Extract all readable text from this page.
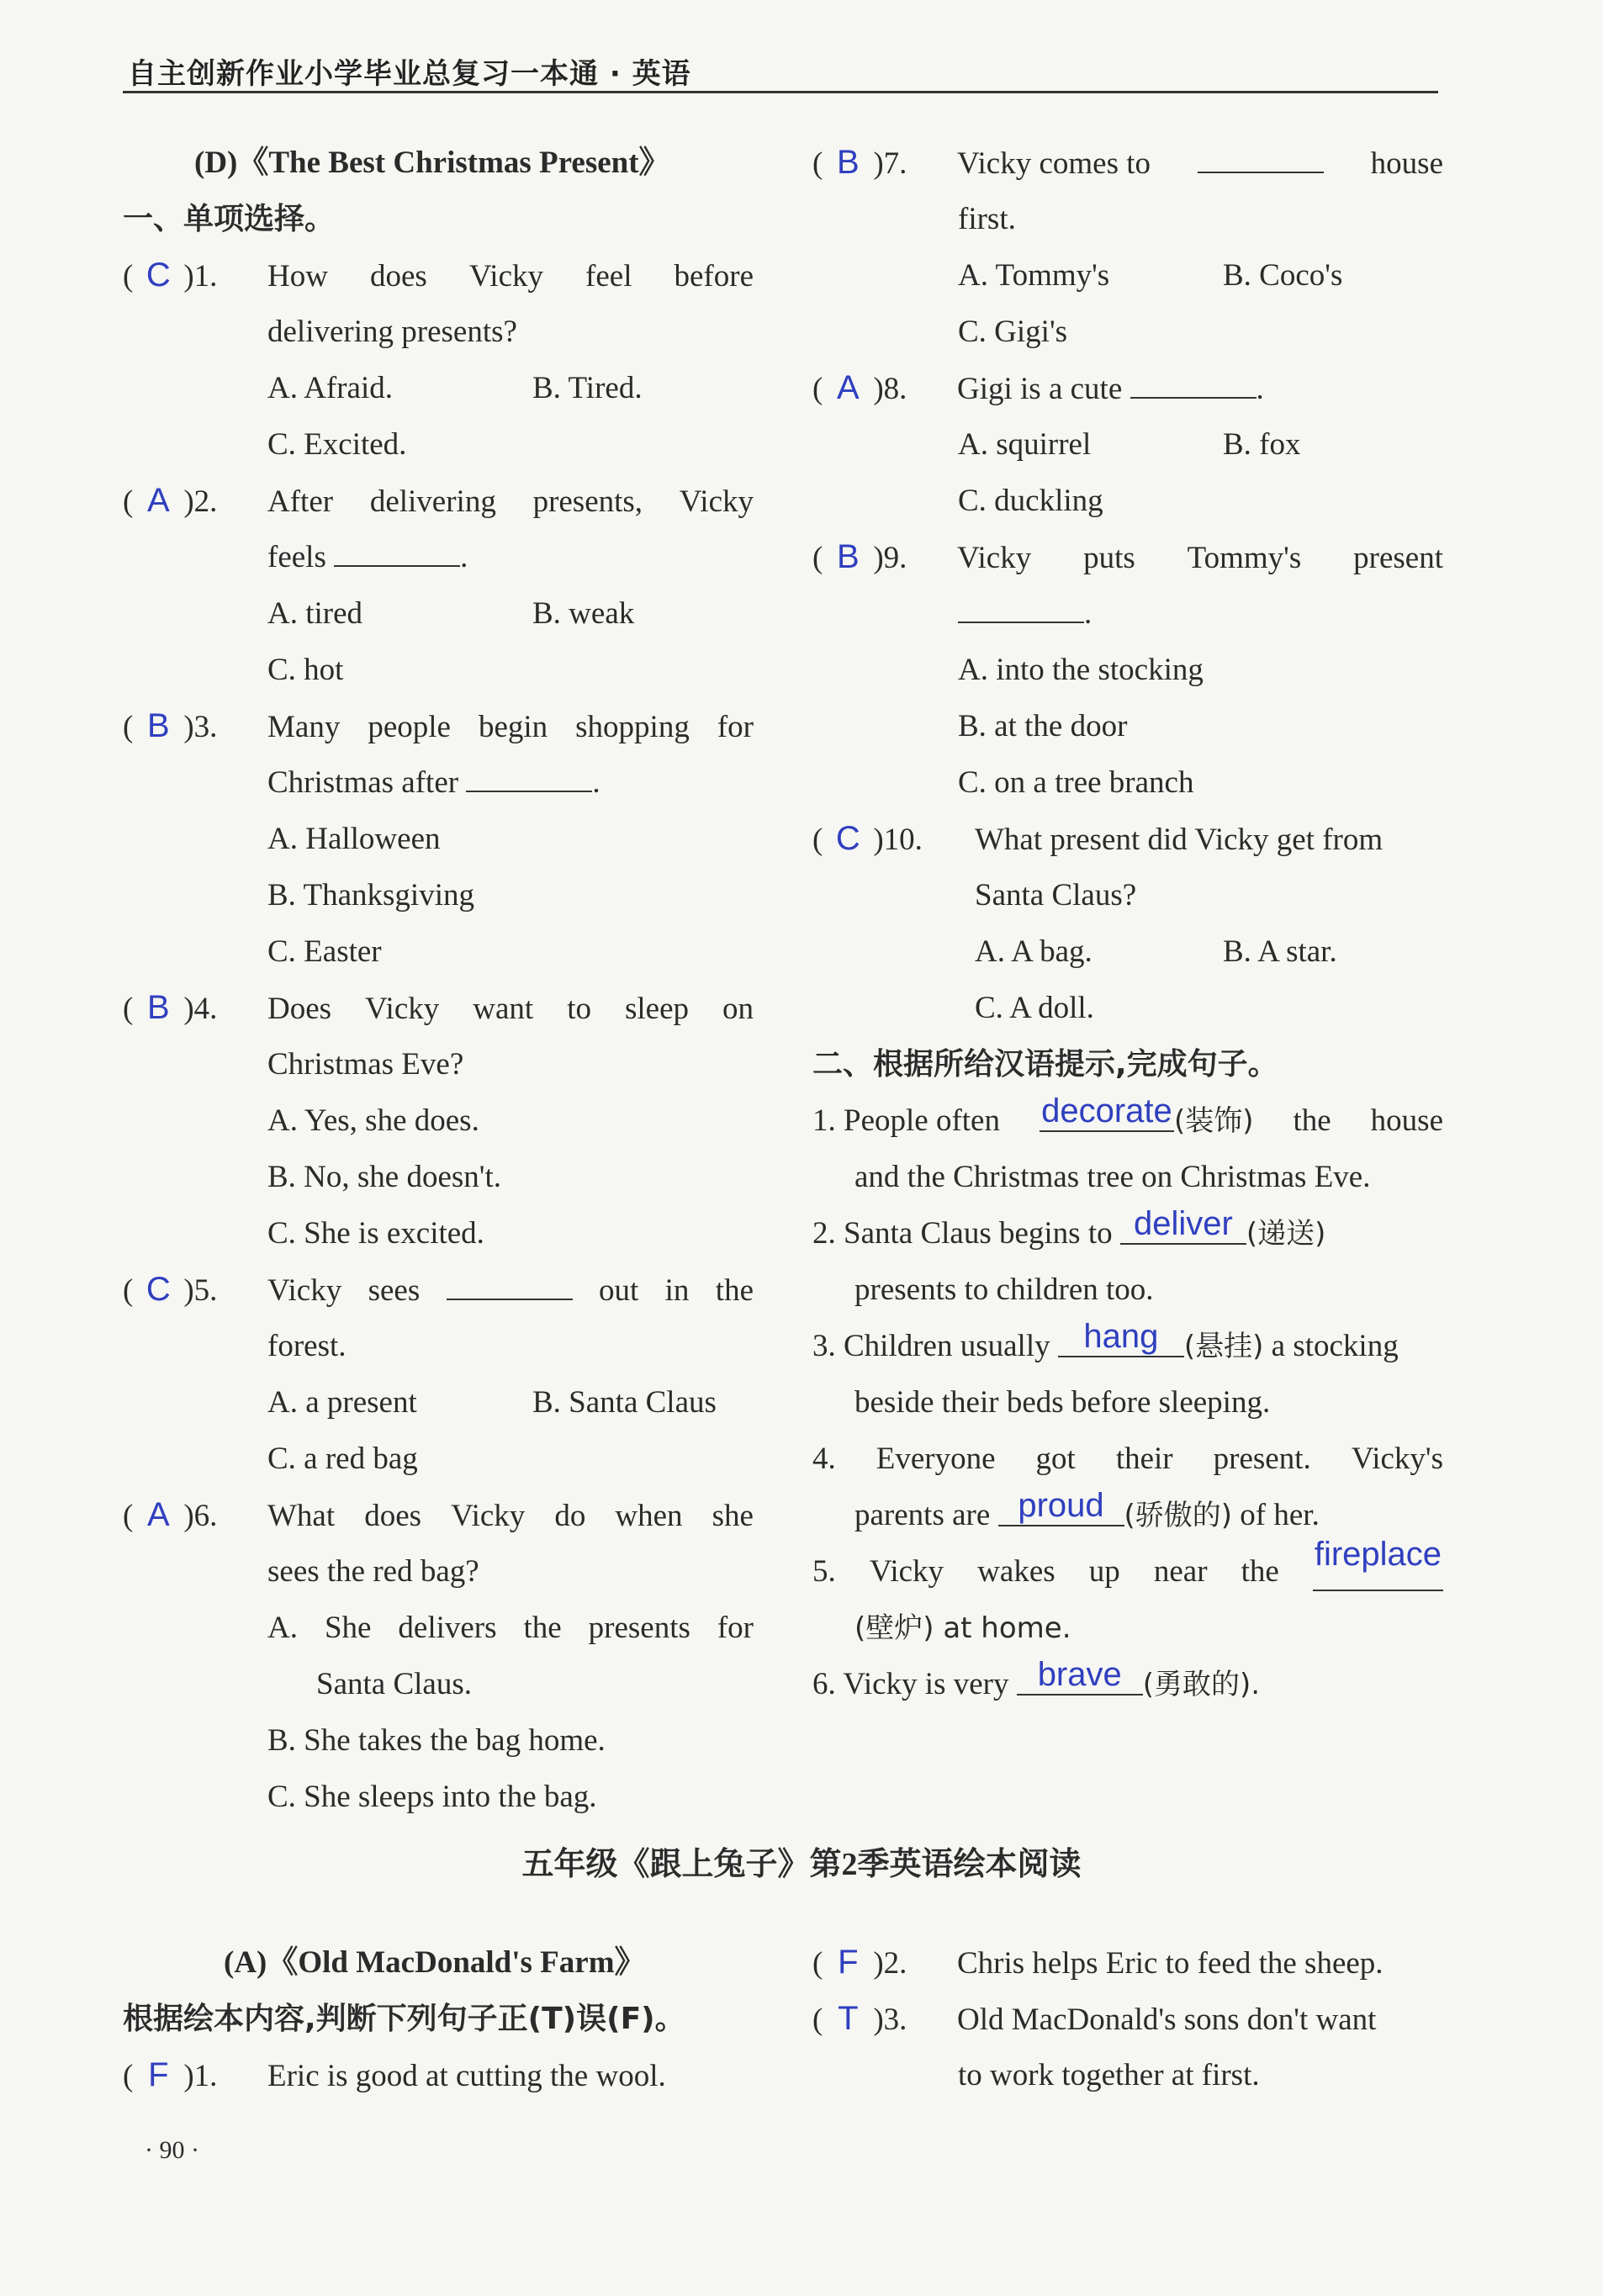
自主创新作业小学毕业总复习一本通 · 英语
(D)《The Best Christmas Present》
一、单项选择。
( C )1. How does Vicky feel before
delivering presents?
A. Afraid.	B. Tired.
C. Excited.
( A )2. After delivering presents, Vicky
feels	.
A. tired	B. weak
C. hot
( B )3. Many people begin shopping for
Christmas after	.
A. Halloween
B. Thanksgiving
C. Easter
( B )4. Does Vicky want to sleep on
Christmas Eve?
A. Yes, she does.
B. No, she doesn't.
C. She is excited.
( C )5. Vicky sees	out in the
forest.
A. a present	B. Santa Claus
C. a red bag
( A )6. What does Vicky do when she
sees the red bag?
A. She delivers the presents for
Santa Claus.
B. She takes the bag home.
C. She sleeps into the bag.
( B )7. Vicky comes to	house
first.
A. Tommy's	B. Coco's
C. Gigi's
( A )8. Gigi is a cute	.
A. squirrel	B. fox
C. duckling
( B )9. Vicky puts Tommy's present
.
A. into the stocking
B. at the door
C. on a tree branch
( C )10. What present did Vicky get from
Santa Claus?
A. A bag.	B. A star.
C. A doll.
二、根据所给汉语提示,完成句子。
1. People often decorate(装饰) the house
and the Christmas tree on Christmas Eve.
2. Santa Claus begins to deliver (递送)
presents to children too.
3. Children usually hang (悬挂) a stocking
beside their beds before sleeping.
4. Everyone got their present. Vicky's
parents are proud (骄傲的) of her.
5. Vicky wakes up near the fireplace
(壁炉) at home.
6. Vicky is very brave (勇敢的).
五年级《跟上兔子》第2季英语绘本阅读
(A)《Old MacDonald's Farm》
根据绘本内容,判断下列句子正(T)误(F)。
( F )1. Eric is good at cutting the wool.
( F )2. Chris helps Eric to feed the sheep.
( T )3. Old MacDonald's sons don't want
to work together at first.
· 90 ·
